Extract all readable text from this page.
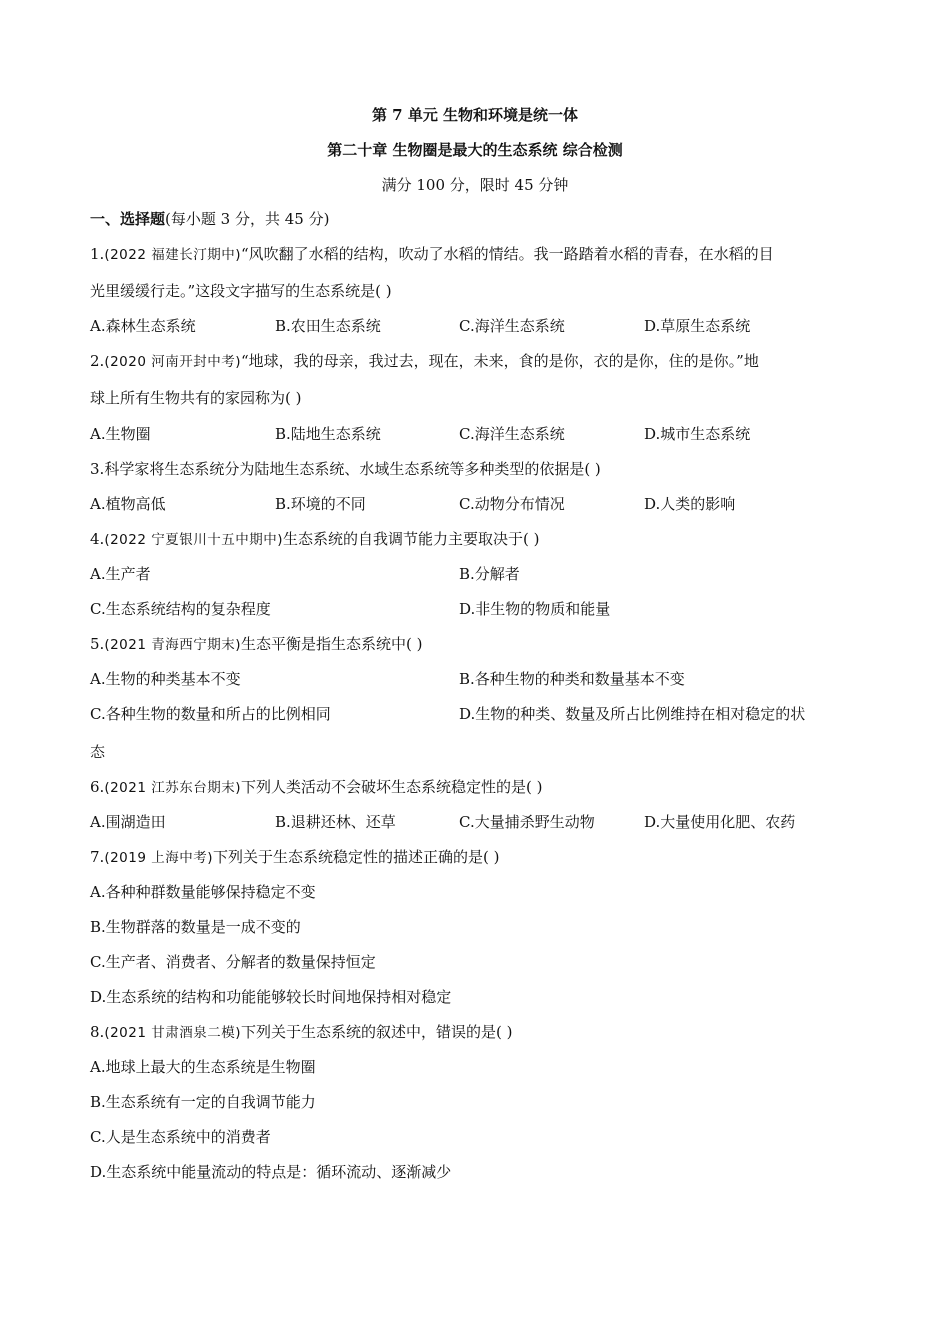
第 7 单元 生物和环境是统一体
第二十章 生物圈是最大的生态系统 综合检测
满分 100 分，限时 45 分钟
一、选择题(每小题 3 分，共 45 分)
1.(2022 福建长汀期中)“风吹翻了水稻的结构，吹动了水稻的情结。我一路踏着水稻的青春，在水稻的目
光里缓缓行走。”这段文字描写的生态系统是( )
A.森林生态系统	B.农田生态系统	C.海洋生态系统	D.草原生态系统
2.(2020 河南开封中考)“地球，我的母亲，我过去，现在，未来，食的是你，衣的是你，住的是你。”地
球上所有生物共有的家园称为( )
A.生物圈	B.陆地生态系统	C.海洋生态系统	D.城市生态系统
3.科学家将生态系统分为陆地生态系统、水域生态系统等多种类型的依据是( )
A.植物高低	B.环境的不同	C.动物分布情况	D.人类的影响
4.(2022 宁夏银川十五中期中)生态系统的自我调节能力主要取决于( )
A.生产者	B.分解者
C.生态系统结构的复杂程度	D.非生物的物质和能量
5.(2021 青海西宁期末)生态平衡是指生态系统中( )
A.生物的种类基本不变	B.各种生物的种类和数量基本不变
C.各种生物的数量和所占的比例相同	D.生物的种类、数量及所占比例维持在相对稳定的状
态
6.(2021 江苏东台期末)下列人类活动不会破坏生态系统稳定性的是( )
A.围湖造田	B.退耕还林、还草	C.大量捕杀野生动物	D.大量使用化肥、农药
7.(2019 上海中考)下列关于生态系统稳定性的描述正确的是( )
A.各种种群数量能够保持稳定不变
B.生物群落的数量是一成不变的
C.生产者、消费者、分解者的数量保持恒定
D.生态系统的结构和功能能够较长时间地保持相对稳定
8.(2021 甘肃酒泉二模)下列关于生态系统的叙述中，错误的是( )
A.地球上最大的生态系统是生物圈
B.生态系统有一定的自我调节能力
C.人是生态系统中的消费者
D.生态系统中能量流动的特点是：循环流动、逐渐减少
